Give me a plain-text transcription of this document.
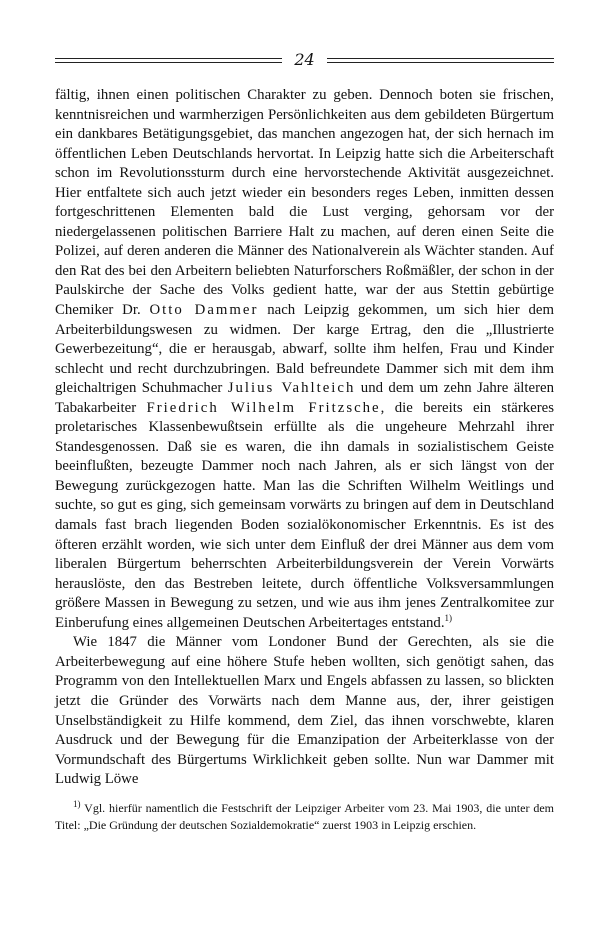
24

fältig, ihnen einen politischen Charakter zu geben. Dennoch boten sie frischen, kenntnisreichen und warmherzigen Persönlichkeiten aus dem gebildeten Bürgertum ein dankbares Betätigungsgebiet, das manchen angezogen hat, der sich hernach im öffentlichen Leben Deutschlands hervortat. In Leipzig hatte sich die Arbeiterschaft schon im Revolutionssturm durch eine hervorstechende Aktivität ausgezeichnet. Hier entfaltete sich auch jetzt wieder ein besonders reges Leben, inmitten dessen fortgeschrittenen Elementen bald die Lust verging, gehorsam vor der niedergelassenen politischen Barriere Halt zu machen, auf deren einen Seite die Polizei, auf deren anderen die Männer des Nationalverein als Wächter standen. Auf den Rat des bei den Arbeitern beliebten Naturforschers Roßmäßler, der schon in der Paulskirche der Sache des Volks gedient hatte, war der aus Stettin gebürtige Chemiker Dr. Otto Dammer nach Leipzig gekommen, um sich hier dem Arbeiterbildungswesen zu widmen. Der karge Ertrag, den die „Illustrierte Gewerbezeitung“, die er herausgab, abwarf, sollte ihm helfen, Frau und Kinder schlecht und recht durchzubringen. Bald befreundete Dammer sich mit dem ihm gleichaltrigen Schuhmacher Julius Vahlteich und dem um zehn Jahre älteren Tabakarbeiter Friedrich Wilhelm Fritzsche, die bereits ein stärkeres proletarisches Klassenbewußtsein erfüllte als die ungeheure Mehrzahl ihrer Standesgenossen. Daß sie es waren, die ihn damals in sozialistischem Geiste beeinflußten, bezeugte Dammer noch nach Jahren, als er sich längst von der Bewegung zurückgezogen hatte. Man las die Schriften Wilhelm Weitlings und suchte, so gut es ging, sich gemeinsam vorwärts zu bringen auf dem in Deutschland damals fast brach liegenden Boden sozialökonomischer Erkenntnis. Es ist des öfteren erzählt worden, wie sich unter dem Einfluß der drei Männer aus dem vom liberalen Bürgertum beherrschten Arbeiterbildungsverein der Verein Vorwärts herauslöste, den das Bestreben leitete, durch öffentliche Volksversammlungen größere Massen in Bewegung zu setzen, und wie aus ihm jenes Zentralkomitee zur Einberufung eines allgemeinen Deutschen Arbeitertages entstand.$^{1)}$

Wie 1847 die Männer vom Londoner Bund der Gerechten, als sie die Arbeiterbewegung auf eine höhere Stufe heben wollten, sich genötigt sahen, das Programm von den Intellektuellen Marx und Engels abfassen zu lassen, so blickten jetzt die Gründer des Vorwärts nach dem Manne aus, der, ihrer geistigen Unselbständigkeit zu Hilfe kommend, dem Ziel, das ihnen vorschwebte, klaren Ausdruck und der Bewegung für die Emanzipation der Arbeiterklasse von der Vormundschaft des Bürgertums Wirklichkeit geben sollte. Nun war Dammer mit Ludwig Löwe

$^{1)}$ Vgl. hierfür namentlich die Festschrift der Leipziger Arbeiter vom 23. Mai 1903, die unter dem Titel: „Die Gründung der deutschen Sozialdemokratie“ zuerst 1903 in Leipzig erschien.
